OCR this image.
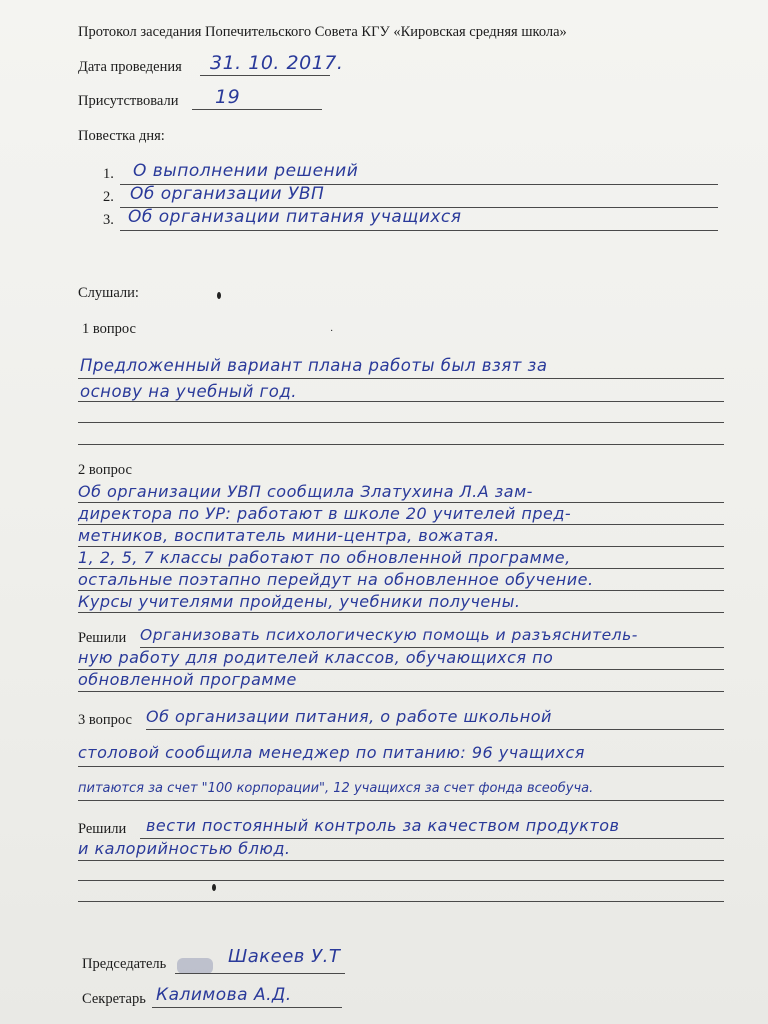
Протокол заседания Попечительского Совета КГУ «Кировская средняя школа»
Дата проведения 31. 10. 2017.
Присутствовали 19
Повестка дня:
1. О выполнении решений
2. Об организации УВП
3. Об организации питания учащихся
Слушали:
1 вопрос
Предложенный вариант плана работы был взят за
основу на учебный год.
2 вопрос
Об организации УВП сообщила Златухина Л.А зам-
директора по УР: работают в школе 20 учителей пред-
метников, воспитатель мини-центра, вожатая.
1, 2, 5, 7 классы работают по обновленной программе,
остальные поэтапно перейдут на обновленное обучение.
Курсы учителями пройдены, учебники получены.
Решили Организовать психологическую помощь и разъяснитель-
ную работу для родителей классов, обучающихся по
обновленной программе
3 вопрос Об организации питания, о работе школьной
столовой сообщила менеджер по питанию: 96 учащихся
питаются за счет "100 корпорации", 12 учащихся за счет фонда всеобуча.
Решили вести постоянный контроль за качеством продуктов
и калорийностью блюд.
Председатель	Шакеев У.Т
Секретарь Калимова А.Д.
·
